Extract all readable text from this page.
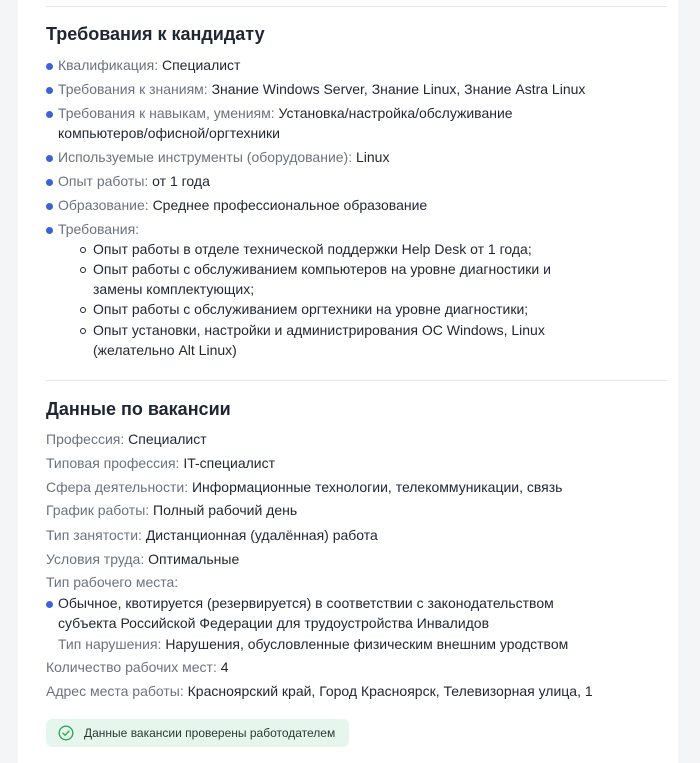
Требования к кандидату
Квалификация: Специалист
Требования к знаниям: Знание Windows Server, Знание Linux, Знание Astra Linux
Требования к навыкам, умениям: Установка/настройка/обслуживание
компьютеров/офисной/оргтехники
Используемые инструменты (оборудование): Linux
Опыт работы: от 1 года
Образование: Среднее профессиональное образование
Требования:
Опыт работы в отделе технической поддержки Help Desk от 1 года;
Опыт работы с обслуживанием компьютеров на уровне диагностики и
замены комплектующих;
Опыт работы с обслуживанием оргтехники на уровне диагностики;
Опыт установки, настройки и администрирования ОС Windows, Linux
(желательно Alt Linux)
Данные по вакансии
Профессия: Специалист
Типовая профессия: IT-специалист
Сфера деятельности: Информационные технологии, телекоммуникации, связь
График работы: Полный рабочий день
Тип занятости: Дистанционная (удалённая) работа
Условия труда: Оптимальные
Тип рабочего места:
Обычное, квотируется (резервируется) в соответствии с законодательством
субъекта Российской Федерации для трудоустройства Инвалидов
Тип нарушения: Нарушения, обусловленные физическим внешним уродством
Количество рабочих мест: 4
Адрес места работы: Красноярский край, Город Красноярск, Телевизорная улица, 1
Данные вакансии проверены работодателем
